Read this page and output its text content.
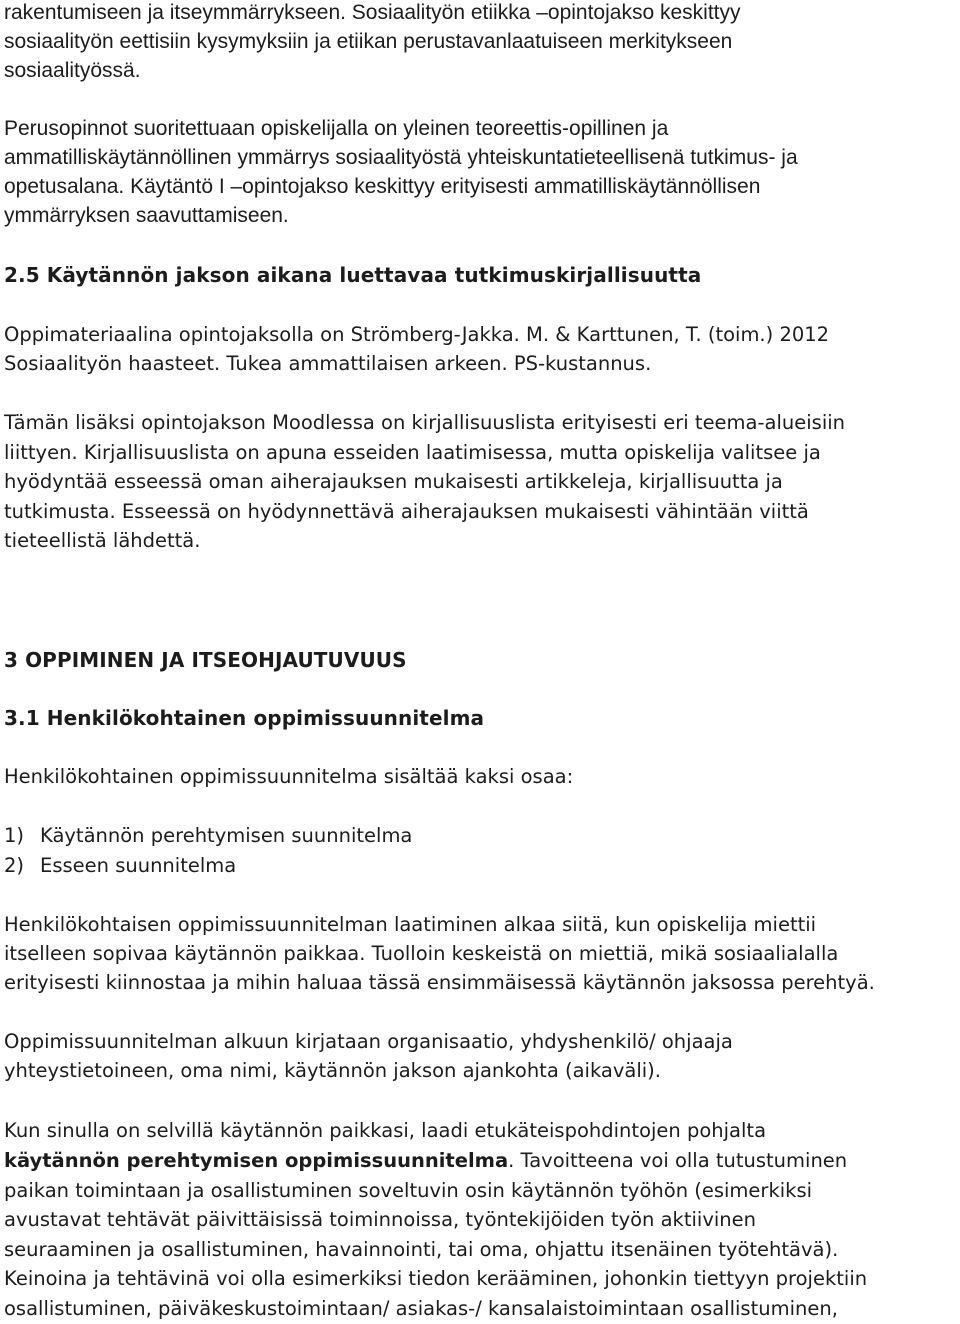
rakentumiseen ja itseymmärrykseen. Sosiaalityön etiikka –opintojakso keskittyy
sosiaalityön eettisiin kysymyksiin ja etiikan perustavanlaatuiseen merkitykseen
sosiaalityössä.
Perusopinnot suoritettuaan opiskelijalla on yleinen teoreettis-opillinen ja
ammatilliskäytännöllinen ymmärrys sosiaalityöstä yhteiskuntatieteellisenä tutkimus- ja
opetusalana. Käytäntö I –opintojakso keskittyy erityisesti ammatilliskäytännöllisen
ymmärryksen saavuttamiseen.
2.5 Käytännön jakson aikana luettavaa tutkimuskirjallisuutta
Oppimateriaalina opintojaksolla on Strömberg-Jakka. M. & Karttunen, T. (toim.) 2012
Sosiaalityön haasteet. Tukea ammattilaisen arkeen. PS-kustannus.
Tämän lisäksi opintojakson Moodlessa on kirjallisuuslista erityisesti eri teema-alueisiin
liittyen. Kirjallisuuslista on apuna esseiden laatimisessa, mutta opiskelija valitsee ja
hyödyntää esseessä oman aiherajauksen mukaisesti artikkeleja, kirjallisuutta ja
tutkimusta. Esseessä on hyödynnettävä aiherajauksen mukaisesti vähintään viittä
tieteellistä lähdettä.
3 OPPIMINEN JA ITSEOHJAUTUVUUS
3.1 Henkilökohtainen oppimissuunnitelma
Henkilökohtainen oppimissuunnitelma sisältää kaksi osaa:
1) Käytännön perehtymisen suunnitelma
2) Esseen suunnitelma
Henkilökohtaisen oppimissuunnitelman laatiminen alkaa siitä, kun opiskelija miettii
itselleen sopivaa käytännön paikkaa. Tuolloin keskeistä on miettiä, mikä sosiaalialalla
erityisesti kiinnostaa ja mihin haluaa tässä ensimmäisessä käytännön jaksossa perehtyä.
Oppimissuunnitelman alkuun kirjataan organisaatio, yhdyshenkilö/ ohjaaja
yhteystietoineen, oma nimi, käytännön jakson ajankohta (aikaväli).
Kun sinulla on selvillä käytännön paikkasi, laadi etukäteispohdintojen pohjalta
käytännön perehtymisen oppimissuunnitelma. Tavoitteena voi olla tutustuminen
paikan toimintaan ja osallistuminen soveltuvin osin käytännön työhön (esimerkiksi
avustavat tehtävät päivittäisissä toiminnoissa, työntekijöiden työn aktiivinen
seuraaminen ja osallistuminen, havainnointi, tai oma, ohjattu itsenäinen työtehtävä).
Keinoina ja tehtävinä voi olla esimerkiksi tiedon kerääminen, johonkin tiettyyn projektiin
osallistuminen, päiväkeskustoimintaan/ asiakas-/ kansalaistoimintaan osallistuminen,
